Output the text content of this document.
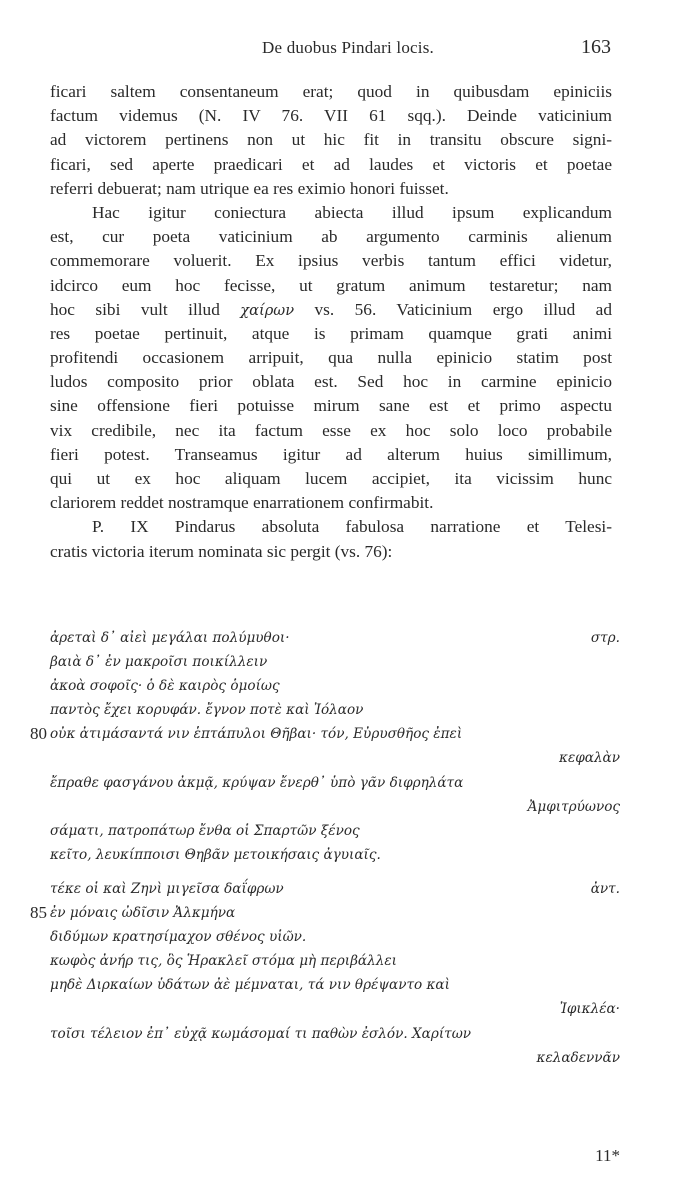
De duobus Pindari locis.	163
ficari saltem consentaneum erat; quod in quibusdam epiniciis
factum videmus (N. IV 76. VII 61 sqq.). Deinde vaticinium
ad victorem pertinens non ut hic fit in transitu obscure signi-
ficari, sed aperte praedicari et ad laudes et victoris et poetae
referri debuerat; nam utrique ea res eximio honori fuisset.
Hac igitur coniectura abiecta illud ipsum explicandum
est, cur poeta vaticinium ab argumento carminis alienum
commemorare voluerit. Ex ipsius verbis tantum effici videtur,
idcirco eum hoc fecisse, ut gratum animum testaretur; nam
hoc sibi vult illud χαίρων vs. 56. Vaticinium ergo illud ad
res poetae pertinuit, atque is primam quamque grati animi
profitendi occasionem arripuit, qua nulla epinicio statim post
ludos composito prior oblata est. Sed hoc in carmine epinicio
sine offensione fieri potuisse mirum sane est et primo aspectu
vix credibile, nec ita factum esse ex hoc solo loco probabile
fieri potest. Transeamus igitur ad alterum huius simillimum,
qui ut ex hoc aliquam lucem accipiet, ita vicissim hunc
clariorem reddet nostramque enarrationem confirmabit.
P. IX Pindarus absoluta fabulosa narratione et Telesi-
cratis victoria iterum nominata sic pergit (vs. 76):
ἀρεταὶ δ᾽ αἰεὶ μεγάλαι πολύμυθοι·	στρ.
βαιὰ δ᾽ ἐν μακροῖσι ποικίλλειν
ἀκοὰ σοφοῖς· ὁ δὲ καιρὸς ὁμοίως
παντὸς ἔχει κορυφάν. ἔγνον ποτὲ καὶ Ἰόλαον
80 οὐκ ἀτιμάσαντά νιν ἑπτάπυλοι Θῆβαι· τόν, Εὐρυσθῆος ἐπεὶ
κεφαλὰν
ἔπραθε φασγάνου ἀκμᾷ, κρύψαν ἔνερθ᾽ ὑπὸ γᾶν διφρηλάτα
Ἀμφιτρύωνος
σάματι, πατροπάτωρ ἔνθα οἱ Σπαρτῶν ξένος
κεῖτο, λευκίπποισι Θηβᾶν μετοικήσαις ἀγυιαῖς.
τέκε οἱ καὶ Ζηνὶ μιγεῖσα δαΐφρων	ἀντ.
85 ἐν μόναις ὠδῖσιν Ἀλκμήνα
διδύμων κρατησίμαχον σθένος υἱῶν.
κωφὸς ἀνήρ τις, ὃς Ἡρακλεῖ στόμα μὴ περιβάλλει
μηδὲ Διρκαίων ὑδάτων ἀὲ μέμναται, τά νιν θρέψαντο καὶ
Ἰφικλέα·
τοῖσι τέλειον ἐπ᾽ εὐχᾷ κωμάσομαί τι παθὼν ἐσλόν. Χαρίτων
κελαδεννᾶν
11*
